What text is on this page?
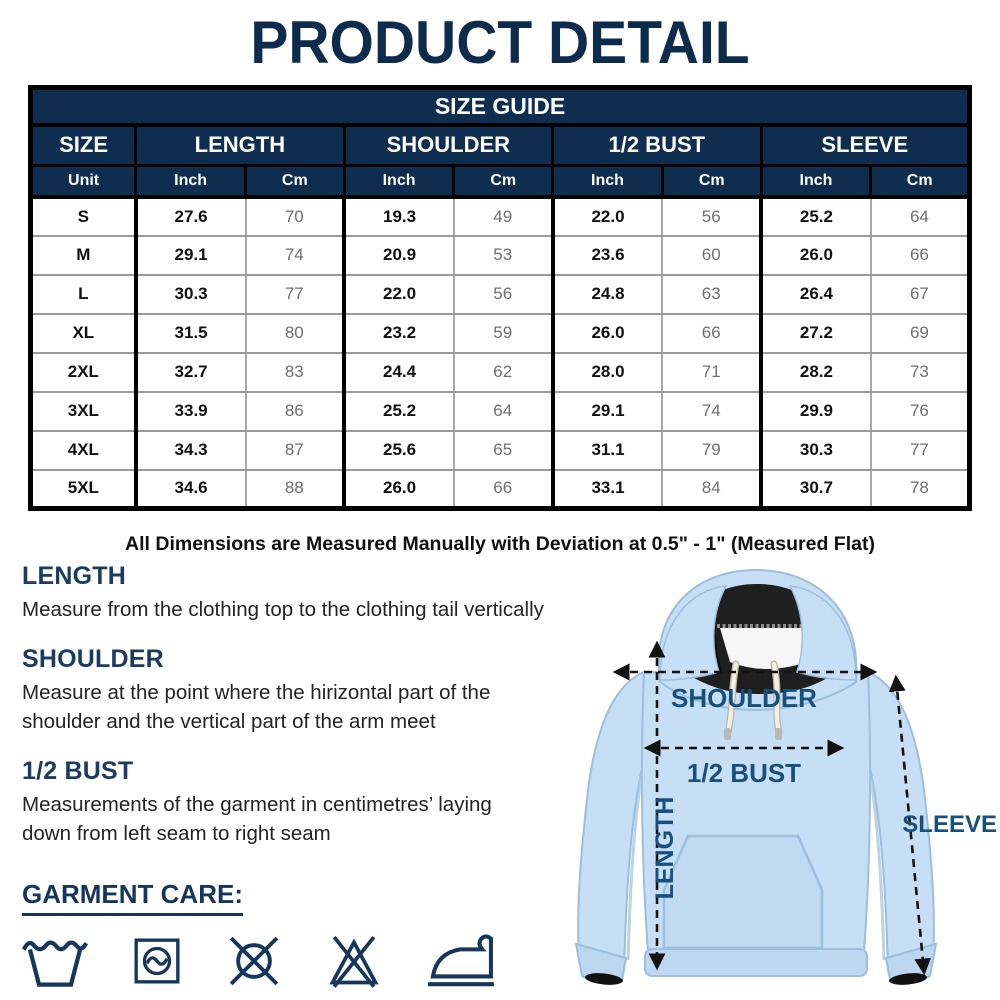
PRODUCT DETAIL
SIZE GUIDE								
SIZE	LENGTH		SHOULDER		1/2 BUST		SLEEVE	
Unit	Inch	Cm	Inch	Cm	Inch	Cm	Inch	Cm
S	27.6	70	19.3	49	22.0	56	25.2	64
M	29.1	74	20.9	53	23.6	60	26.0	66
L	30.3	77	22.0	56	24.8	63	26.4	67
XL	31.5	80	23.2	59	26.0	66	27.2	69
2XL	32.7	83	24.4	62	28.0	71	28.2	73
3XL	33.9	86	25.2	64	29.1	74	29.9	76
4XL	34.3	87	25.6	65	31.1	79	30.3	77
5XL	34.6	88	26.0	66	33.1	84	30.7	78
All Dimensions are Measured Manually with Deviation at 0.5" - 1" (Measured Flat)
LENGTH
Measure from the clothing top to the clothing tail vertically
SHOULDER
Measure at the point where the hirizontal part of the
shoulder and the vertical part of the arm meet
1/2 BUST
Measurements of the garment in centimetres’ laying
down from left seam to right seam
GARMENT CARE:
SHOULDER
1/2 BUST
LENGTH	SLEEVE
